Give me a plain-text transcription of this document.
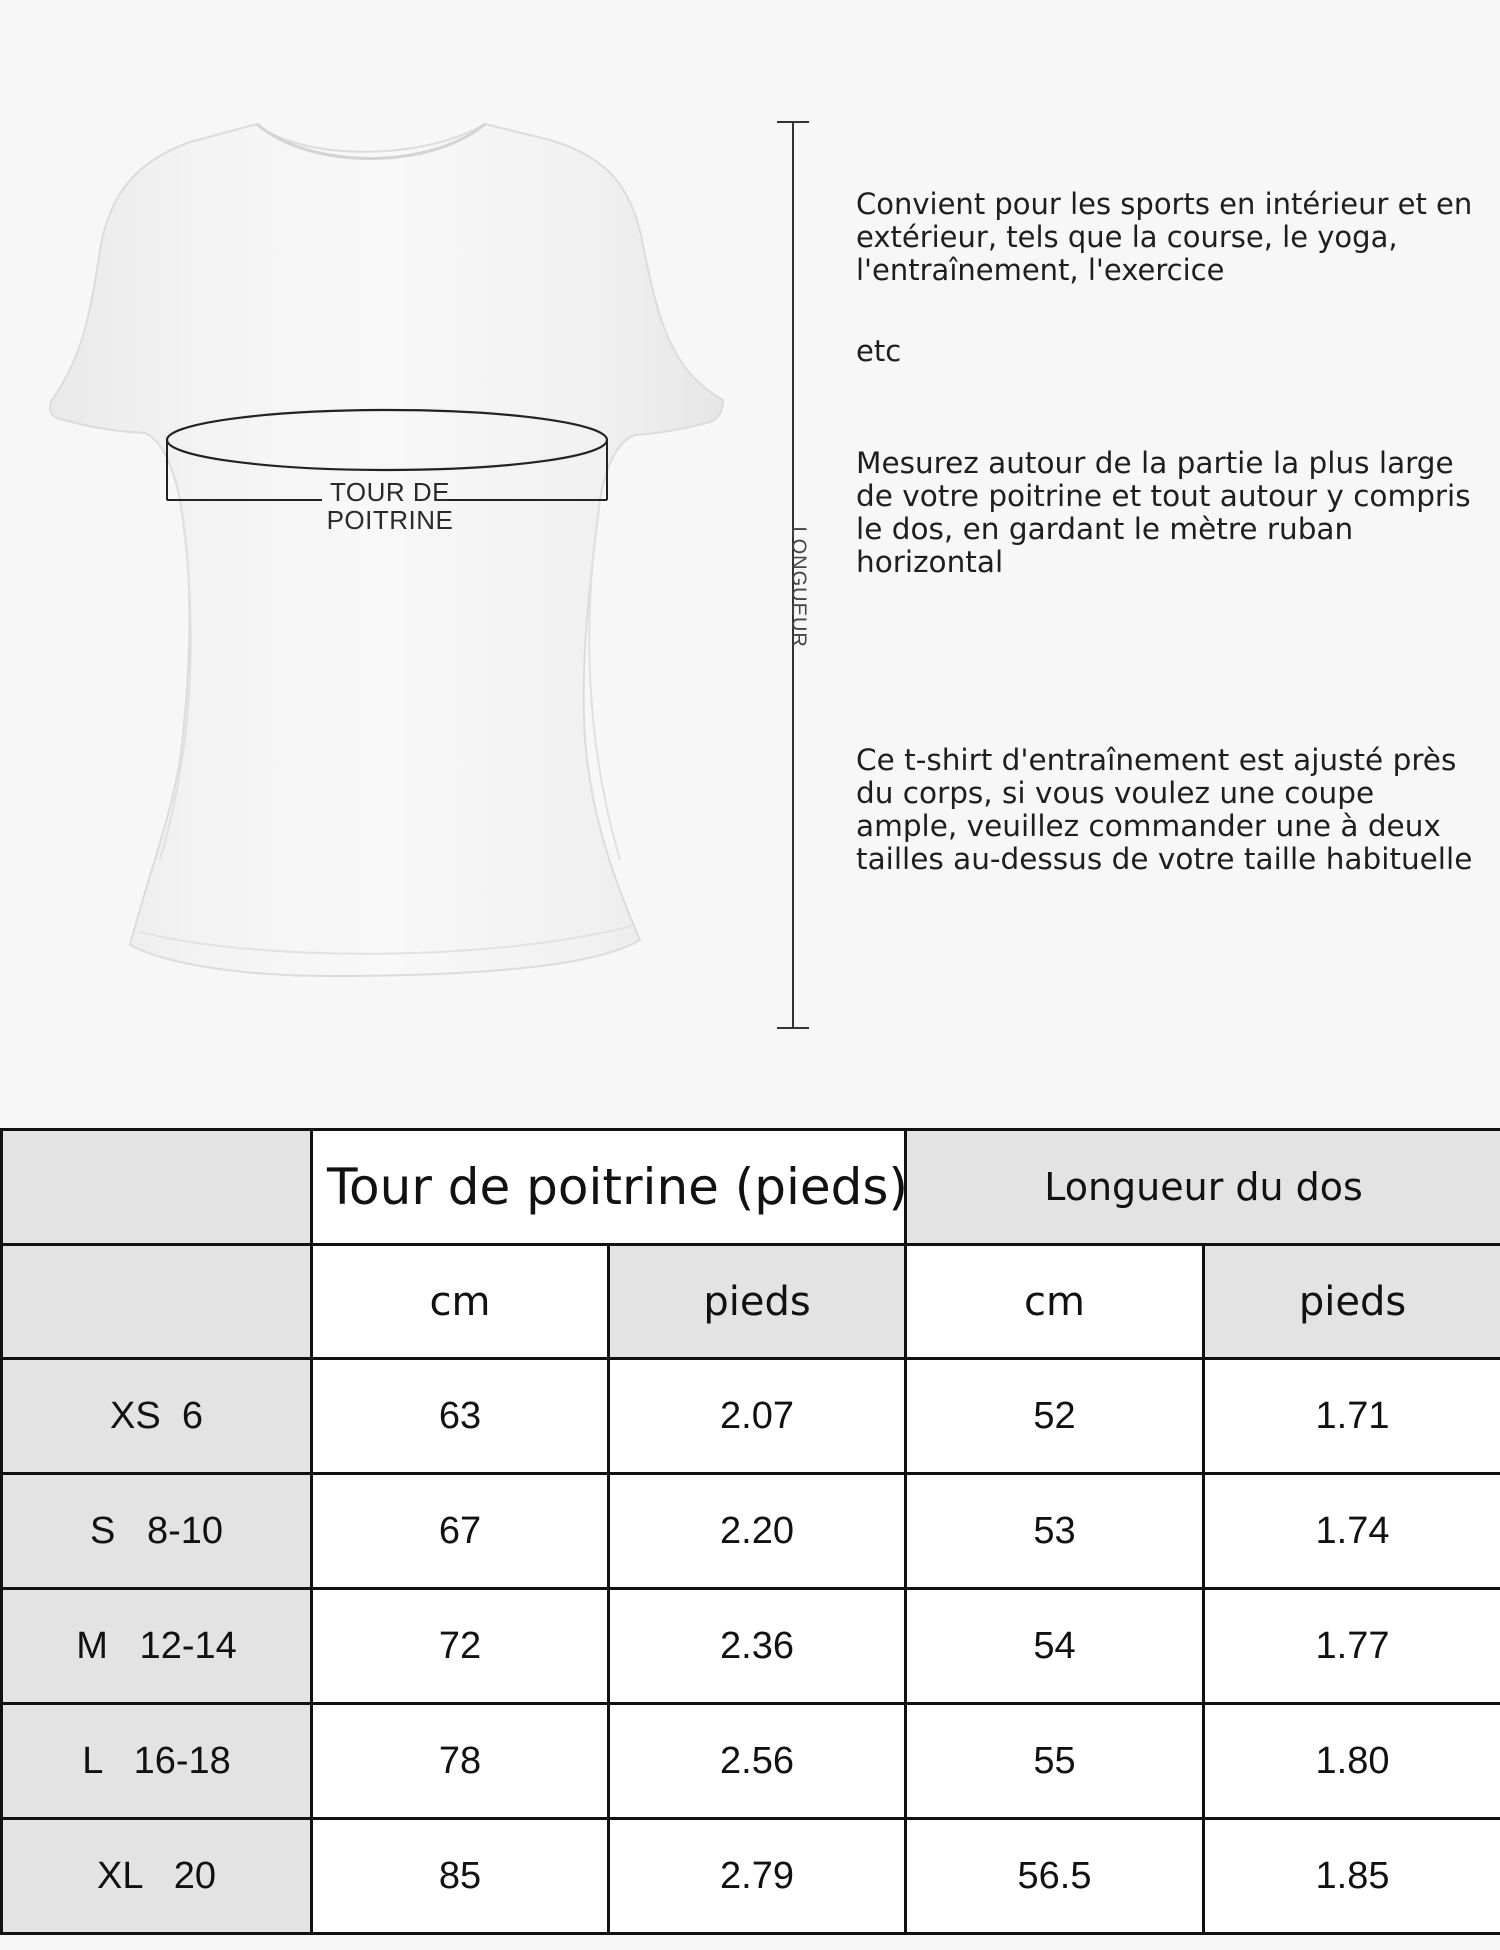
TOUR DE
POITRINE
LONGUEUR
Convient pour les sports en intérieur et en extérieur, tels que la course, le yoga, l'entraînement, l'exercice
etc
Mesurez autour de la partie la plus large de votre poitrine et tout autour y compris le dos, en gardant le mètre ruban horizontal
Ce t-shirt d'entraînement est ajusté près du corps, si vous voulez une coupe ample, veuillez commander une à deux tailles au-dessus de votre taille habituelle
	Tour de poitrine (pieds)		Longueur du dos	
	cm	pieds	cm	pieds
XS  6	63	2.07	52	1.71
S   8-10	67	2.20	53	1.74
M   12-14	72	2.36	54	1.77
L   16-18	78	2.56	55	1.80
XL   20	85	2.79	56.5	1.85
